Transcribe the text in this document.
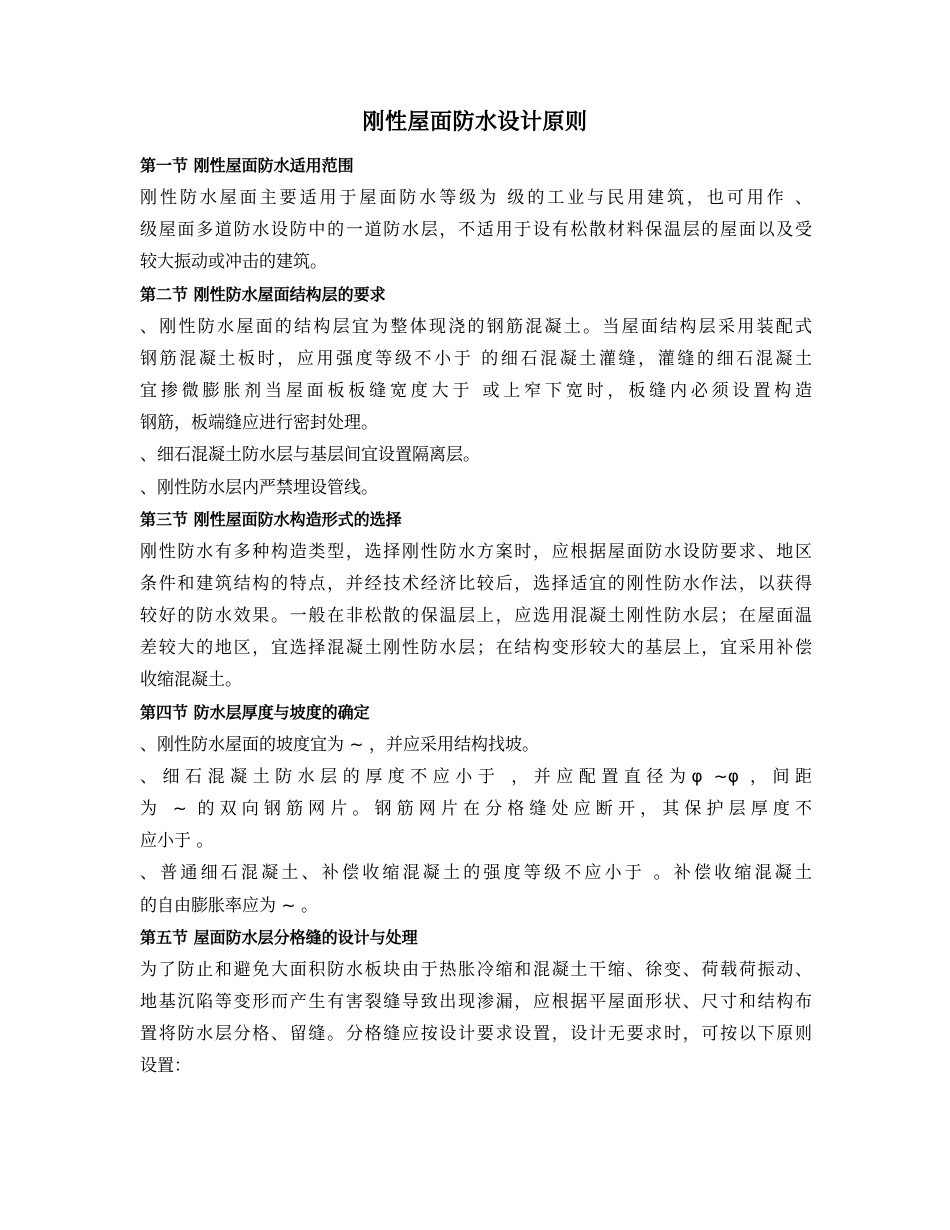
刚性屋面防水设计原则
第一节 刚性屋面防水适用范围
刚性防水屋面主要适用于屋面防水等级为 级的工业与民用建筑，也可用作 、
级屋面多道防水设防中的一道防水层，不适用于设有松散材料保温层的屋面以及受
较大振动或冲击的建筑。
第二节 刚性防水屋面结构层的要求
、刚性防水屋面的结构层宜为整体现浇的钢筋混凝土。当屋面结构层采用装配式
钢筋混凝土板时，应用强度等级不小于 的细石混凝土灌缝，灌缝的细石混凝土
宜掺微膨胀剂当屋面板板缝宽度大于 或上窄下宽时，板缝内必须设置构造
钢筋，板端缝应进行密封处理。
、细石混凝土防水层与基层间宜设置隔离层。
、刚性防水层内严禁埋设管线。
第三节 刚性屋面防水构造形式的选择
刚性防水有多种构造类型，选择刚性防水方案时，应根据屋面防水设防要求、地区
条件和建筑结构的特点，并经技术经济比较后，选择适宜的刚性防水作法，以获得
较好的防水效果。一般在非松散的保温层上，应选用混凝土刚性防水层；在屋面温
差较大的地区，宜选择混凝土刚性防水层；在结构变形较大的基层上，宜采用补偿
收缩混凝土。
第四节 防水层厚度与坡度的确定
、刚性防水屋面的坡度宜为 ~ ，并应采用结构找坡。
、细石混凝土防水层的厚度不应小于 ，并应配置直径为φ ~φ ，间距
为 ~ 的双向钢筋网片。钢筋网片在分格缝处应断开，其保护层厚度不
应小于 。
、普通细石混凝土、补偿收缩混凝土的强度等级不应小于 。补偿收缩混凝土
的自由膨胀率应为 ~ 。
第五节 屋面防水层分格缝的设计与处理
为了防止和避免大面积防水板块由于热胀冷缩和混凝土干缩、徐变、荷载荷振动、
地基沉陷等变形而产生有害裂缝导致出现渗漏，应根据平屋面形状、尺寸和结构布
置将防水层分格、留缝。分格缝应按设计要求设置，设计无要求时，可按以下原则
设置：
